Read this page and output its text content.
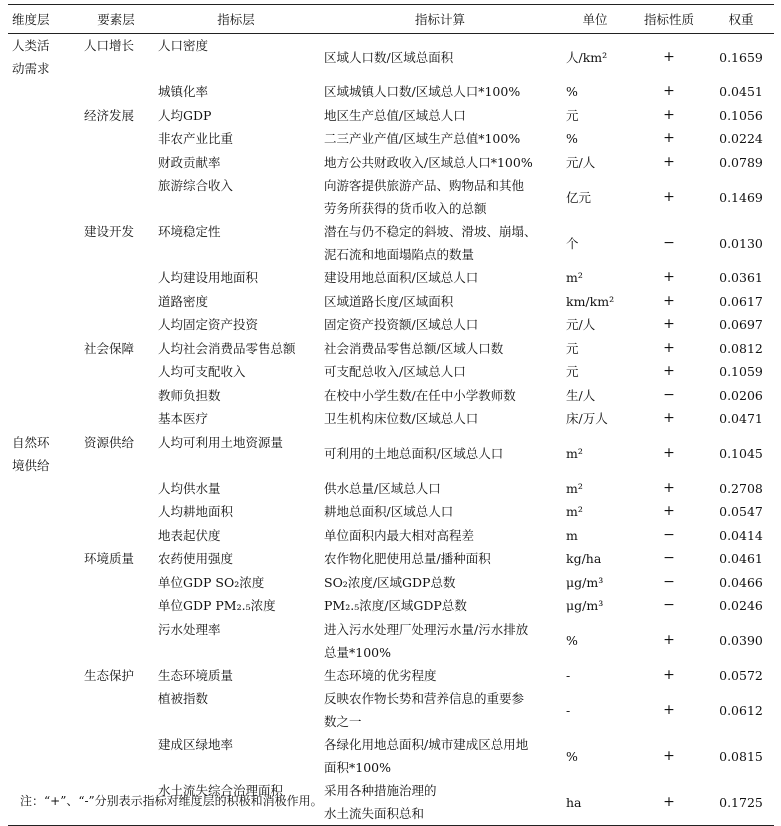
维度层	要素层	指标层	指标计算	单位	指标性质	权重

人类活
动需求	人口增长	人口密度	区域人口数/区域总面积	人/km²	+	0.1659

	城镇化率	区域城镇人口数/区域总人口*100%	%	+	0.0451

	经济发展	人均GDP	地区生产总值/区域总人口	元	+	0.1056

	非农产业比重	二三产业产值/区域生产总值*100%	%	+	0.0224

	财政贡献率	地方公共财政收入/区域总人口*100%	元/人	+	0.0789

	旅游综合收入	向游客提供旅游产品、购物品和其他
劳务所获得的货币收入的总额	亿元	+	0.1469

	建设开发	环境稳定性	潜在与仍不稳定的斜坡、滑坡、崩塌、
泥石流和地面塌陷点的数量	个	−	0.0130

	人均建设用地面积	建设用地总面积/区域总人口	m²	+	0.0361

	道路密度	区域道路长度/区域面积	km/km²	+	0.0617

	人均固定资产投资	固定资产投资额/区域总人口	元/人	+	0.0697

	社会保障	人均社会消费品零售总额	社会消费品零售总额/区域人口数	元	+	0.0812

	人均可支配收入	可支配总收入/区域总人口	元	+	0.1059

	教师负担数	在校中小学生数/在任中小学教师数	生/人	−	0.0206

	基本医疗	卫生机构床位数/区域总人口	床/万人	+	0.0471

自然环
境供给	资源供给	人均可利用土地资源量	可利用的土地总面积/区域总人口	m²	+	0.1045

	人均供水量	供水总量/区域总人口	m²	+	0.2708

	人均耕地面积	耕地总面积/区域总人口	m²	+	0.0547

	地表起伏度	单位面积内最大相对高程差	m	−	0.0414

	环境质量	农药使用强度	农作物化肥使用总量/播种面积	kg/ha	−	0.0461

	单位GDP SO₂浓度	SO₂浓度/区域GDP总数	μg/m³	−	0.0466

	单位GDP PM₂.₅浓度	PM₂.₅浓度/区域GDP总数	μg/m³	−	0.0246

	污水处理率	进入污水处理厂处理污水量/污水排放
总量*100%	%	+	0.0390

	生态保护	生态环境质量	生态环境的优劣程度	-	+	0.0572

	植被指数	反映农作物长势和营养信息的重要参
数之一	-	+	0.0612

	建成区绿地率	各绿化用地总面积/城市建成区总用地
面积*100%	%	+	0.0815

	水土流失综合治理面积	采用各种措施治理的
水土流失面积总和	ha	+	0.1725
注：“+”、“-”分别表示指标对维度层的积极和消极作用。
